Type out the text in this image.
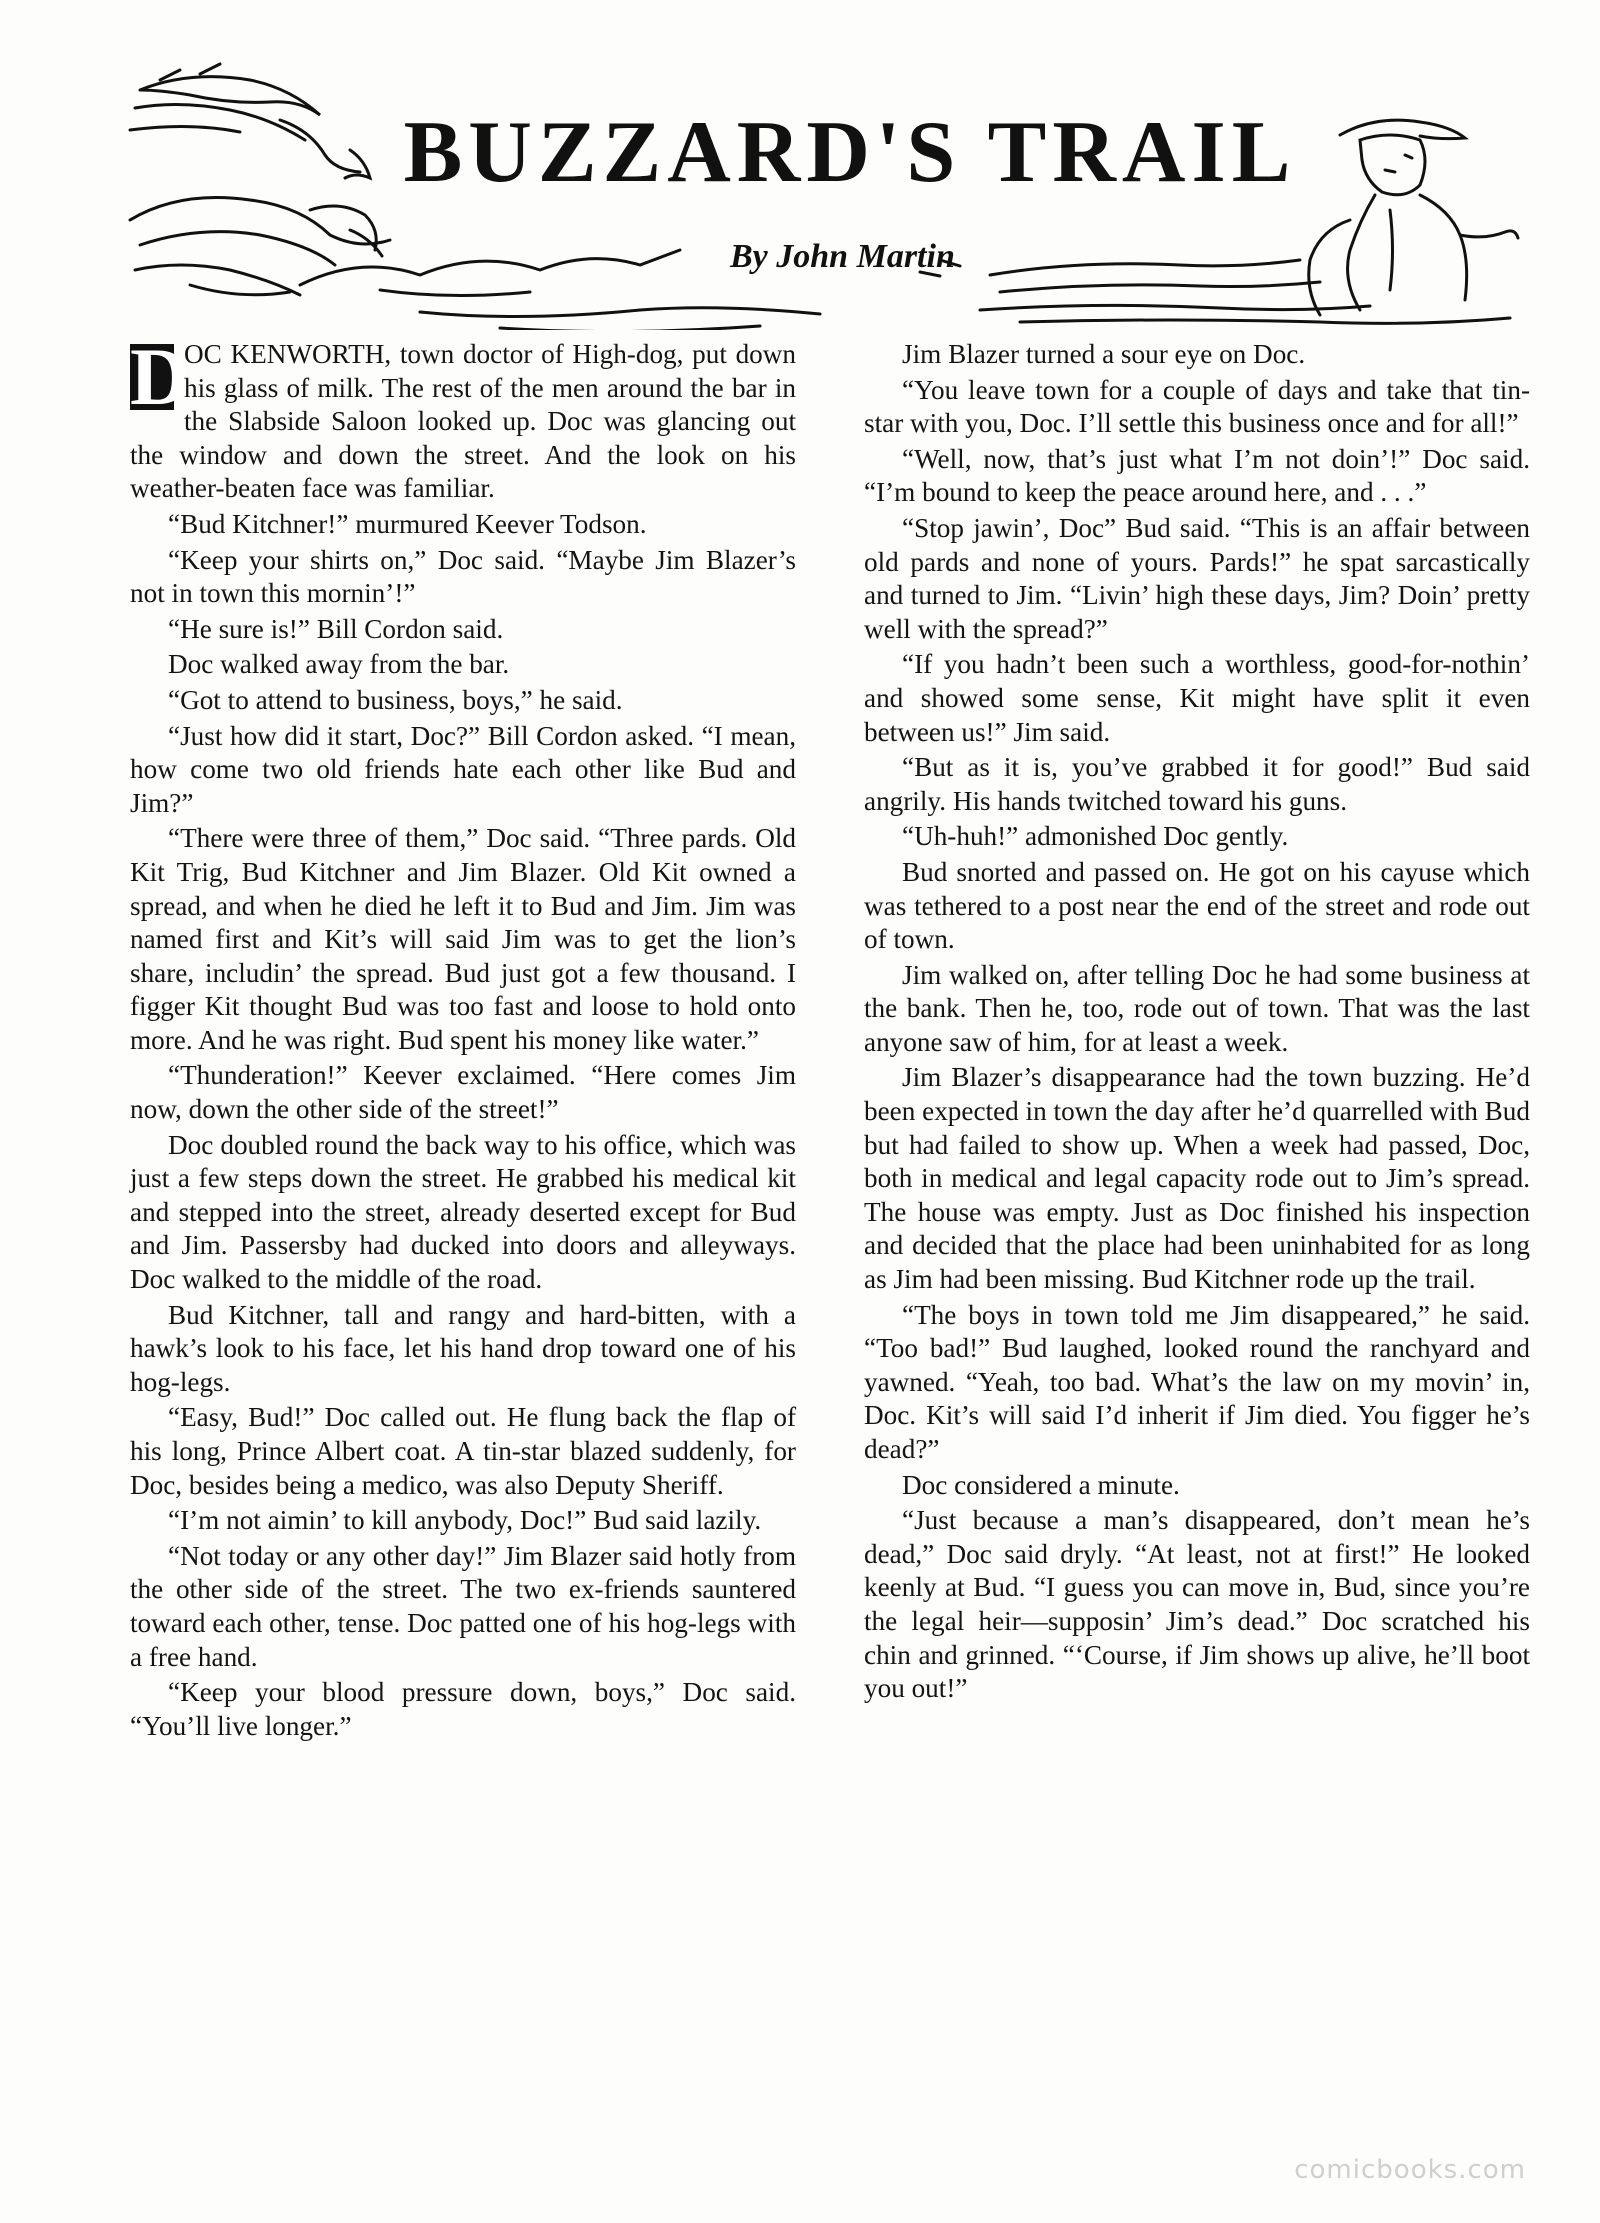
BUZZARD'S TRAIL
By John Martin

D
OC KENWORTH, town doctor of High-dog, put down his glass of milk. The rest of the men around the bar in the Slabside Saloon looked up. Doc was glancing out the window and down the street. And the look on his weather-beaten face was familiar.

“Bud Kitchner!” murmured Keever Todson.

“Keep your shirts on,” Doc said. “Maybe Jim Blazer’s not in town this mornin’!”

“He sure is!” Bill Cordon said.

Doc walked away from the bar.

“Got to attend to business, boys,” he said.

“Just how did it start, Doc?” Bill Cordon asked. “I mean, how come two old friends hate each other like Bud and Jim?”

“There were three of them,” Doc said. “Three pards. Old Kit Trig, Bud Kitchner and Jim Blazer. Old Kit owned a spread, and when he died he left it to Bud and Jim. Jim was named first and Kit’s will said Jim was to get the lion’s share, includin’ the spread. Bud just got a few thousand. I figger Kit thought Bud was too fast and loose to hold onto more. And he was right. Bud spent his money like water.”

“Thunderation!” Keever exclaimed. “Here comes Jim now, down the other side of the street!”

Doc doubled round the back way to his office, which was just a few steps down the street. He grabbed his medical kit and stepped into the street, already deserted except for Bud and Jim. Passersby had ducked into doors and alleyways. Doc walked to the middle of the road.

Bud Kitchner, tall and rangy and hard-bitten, with a hawk’s look to his face, let his hand drop toward one of his hog-legs.

“Easy, Bud!” Doc called out. He flung back the flap of his long, Prince Albert coat. A tin-star blazed suddenly, for Doc, besides being a medico, was also Deputy Sheriff.

“I’m not aimin’ to kill anybody, Doc!” Bud said lazily.

“Not today or any other day!” Jim Blazer said hotly from the other side of the street. The two ex-friends sauntered toward each other, tense. Doc patted one of his hog-legs with a free hand.

“Keep your blood pressure down, boys,” Doc said. “You’ll live longer.”

Jim Blazer turned a sour eye on Doc.

“You leave town for a couple of days and take that tin-star with you, Doc. I’ll settle this business once and for all!”

“Well, now, that’s just what I’m not doin’!” Doc said. “I’m bound to keep the peace around here, and . . .”

“Stop jawin’, Doc” Bud said. “This is an affair between old pards and none of yours. Pards!” he spat sarcastically and turned to Jim. “Livin’ high these days, Jim? Doin’ pretty well with the spread?”

“If you hadn’t been such a worthless, good-for-nothin’ and showed some sense, Kit might have split it even between us!” Jim said.

“But as it is, you’ve grabbed it for good!” Bud said angrily. His hands twitched toward his guns.

“Uh-huh!” admonished Doc gently.

Bud snorted and passed on. He got on his cayuse which was tethered to a post near the end of the street and rode out of town.

Jim walked on, after telling Doc he had some business at the bank. Then he, too, rode out of town. That was the last anyone saw of him, for at least a week.

Jim Blazer’s disappearance had the town buzzing. He’d been expected in town the day after he’d quarrelled with Bud but had failed to show up. When a week had passed, Doc, both in medical and legal capacity rode out to Jim’s spread. The house was empty. Just as Doc finished his inspection and decided that the place had been uninhabited for as long as Jim had been missing. Bud Kitchner rode up the trail.

“The boys in town told me Jim disappeared,” he said. “Too bad!” Bud laughed, looked round the ranchyard and yawned. “Yeah, too bad. What’s the law on my movin’ in, Doc. Kit’s will said I’d inherit if Jim died. You figger he’s dead?”

Doc considered a minute.

“Just because a man’s disappeared, don’t mean he’s dead,” Doc said dryly. “At least, not at first!” He looked keenly at Bud. “I guess you can move in, Bud, since you’re the legal heir—supposin’ Jim’s dead.” Doc scratched his chin and grinned. “‘Course, if Jim shows up alive, he’ll boot you out!”

comicbooks.com
